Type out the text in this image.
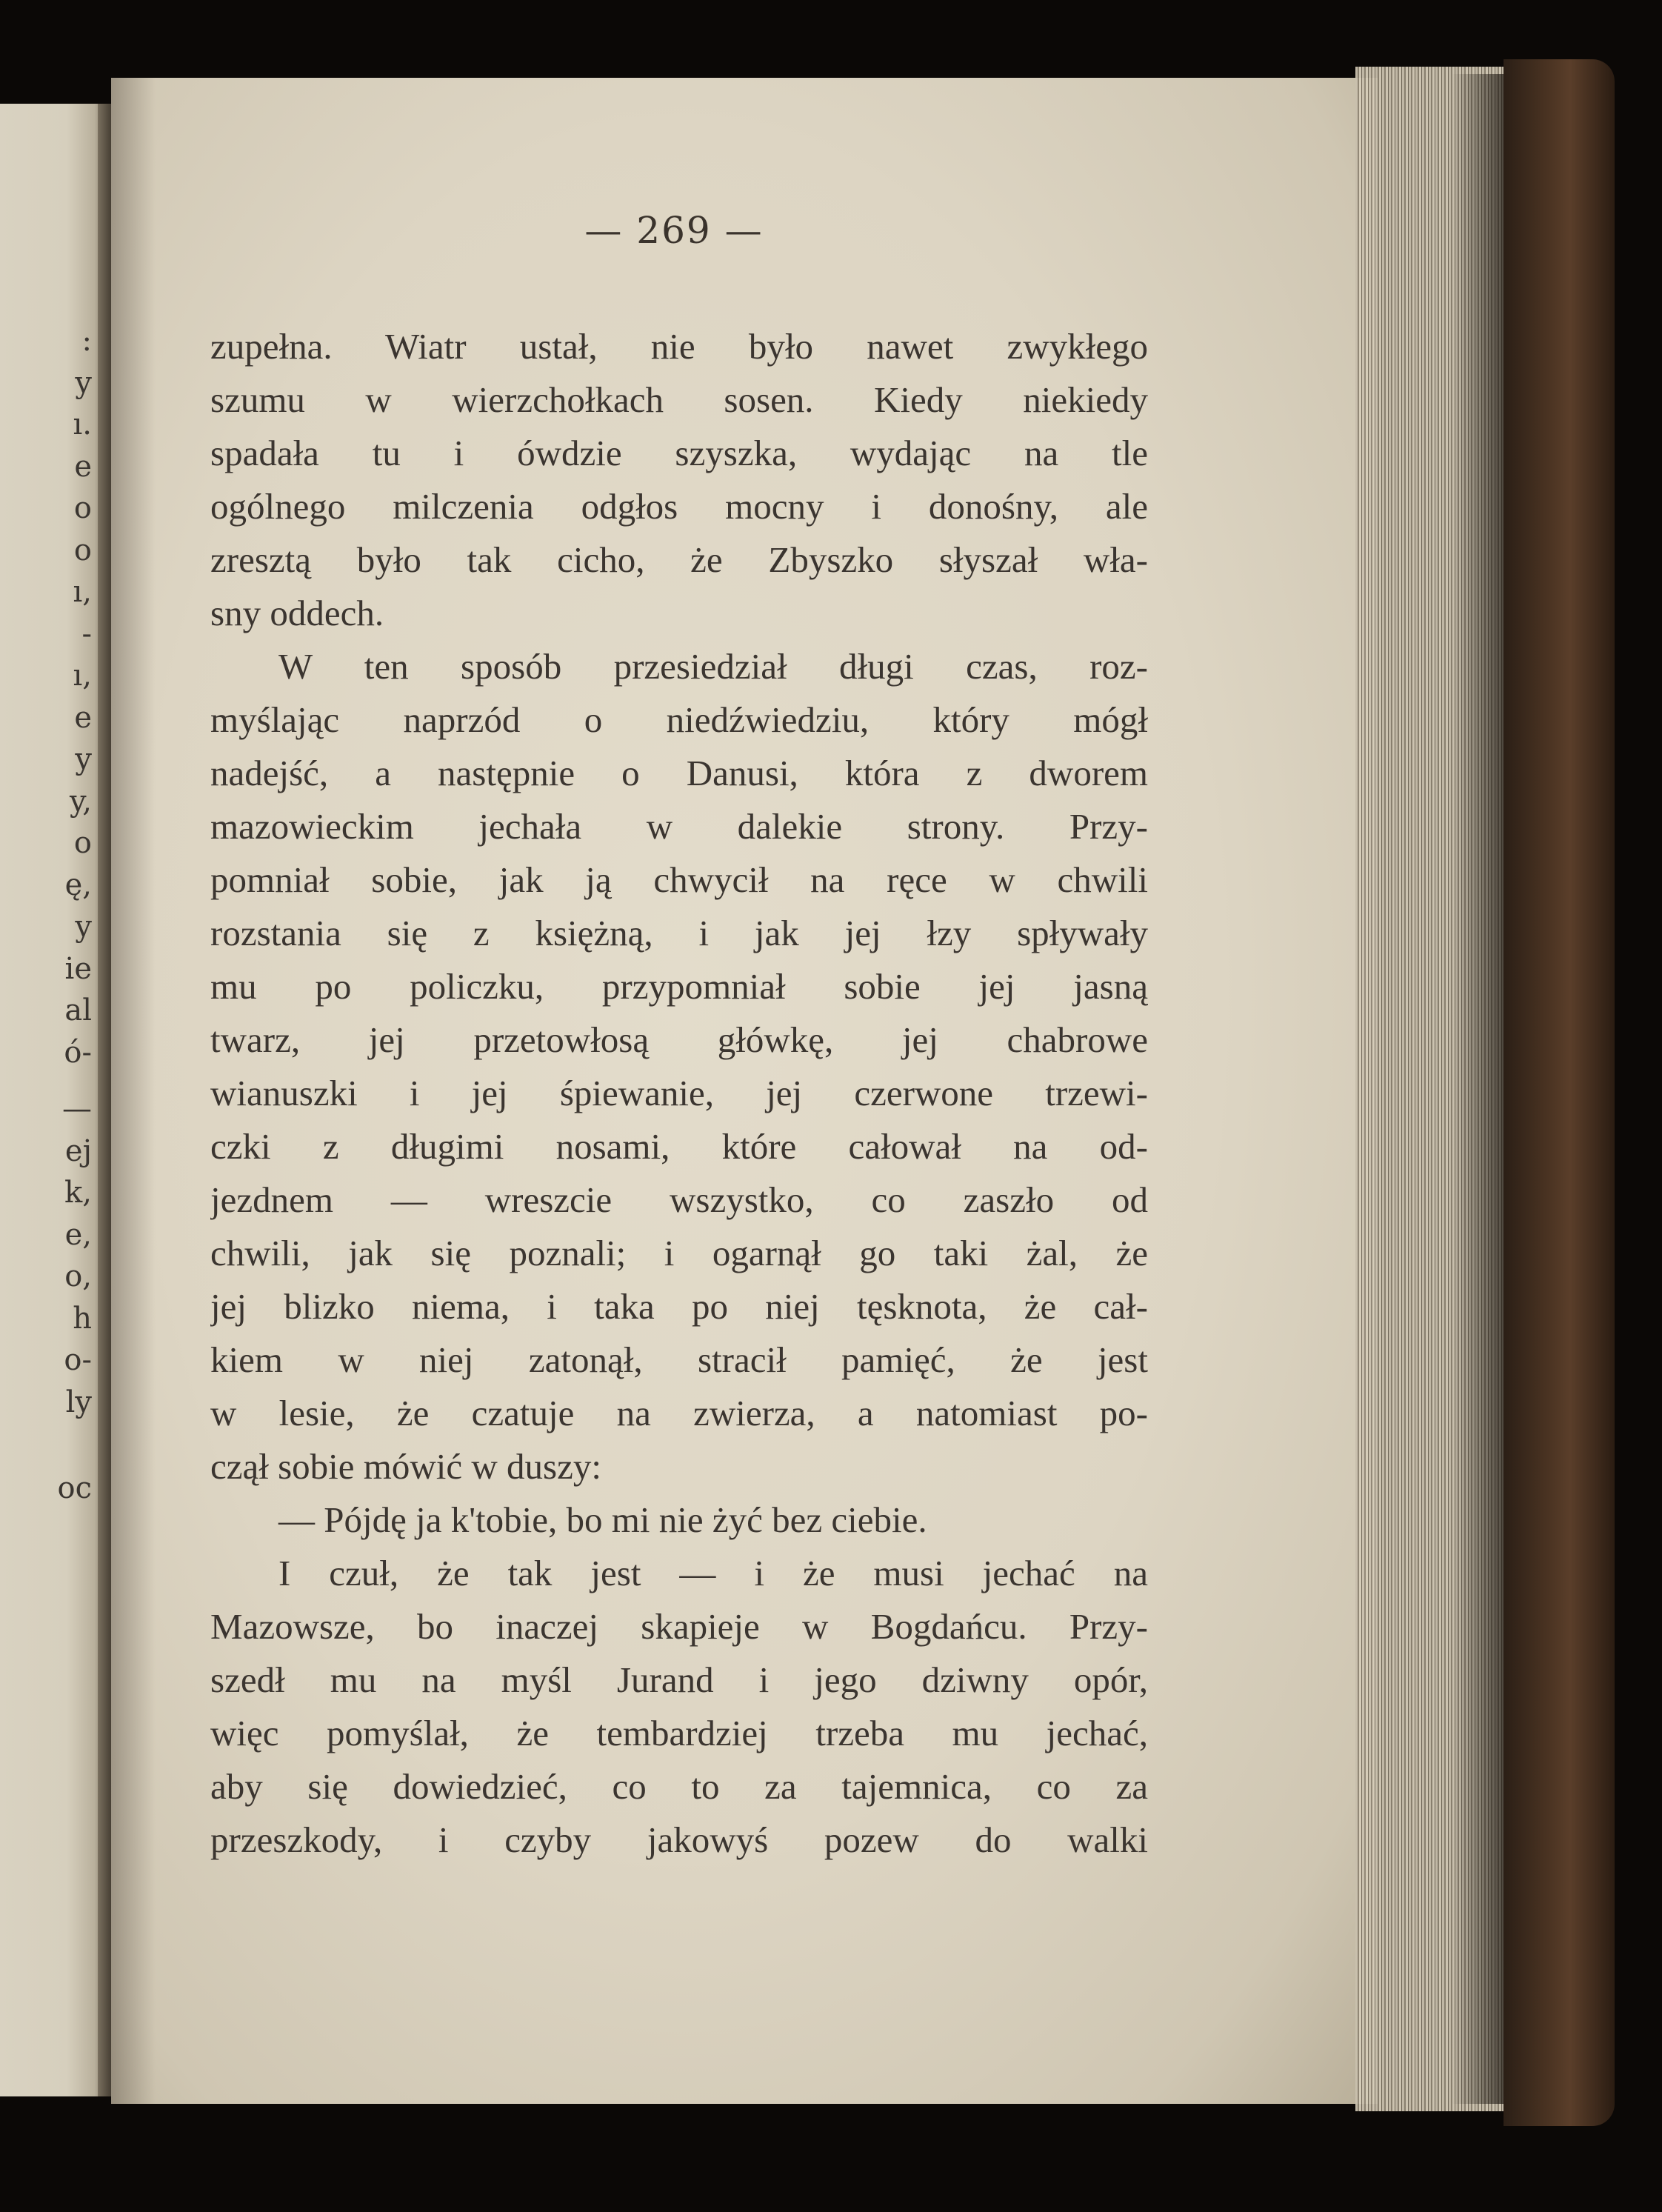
:
y
ı.
e
o
o
ı,
-
ı,
e
y
y,
o
ę,
y
ie
al
ó-
—
ej
k,
e,
o,
h
o-
ly
oc
— 269 —
zupełna. Wiatr ustał, nie było nawet zwykłego
szumu w wierzchołkach sosen. Kiedy niekiedy
spadała tu i ówdzie szyszka, wydając na tle
ogólnego milczenia odgłos mocny i donośny, ale
zresztą było tak cicho, że Zbyszko słyszał wła-
sny oddech.
W ten sposób przesiedział długi czas, roz-
myślając naprzód o niedźwiedziu, który mógł
nadejść, a następnie o Danusi, która z dworem
mazowieckim jechała w dalekie strony. Przy-
pomniał sobie, jak ją chwycił na ręce w chwili
rozstania się z księżną, i jak jej łzy spływały
mu po policzku, przypomniał sobie jej jasną
twarz, jej przetowłosą główkę, jej chabrowe
wianuszki i jej śpiewanie, jej czerwone trzewi-
czki z długimi nosami, które całował na od-
jezdnem — wreszcie wszystko, co zaszło od
chwili, jak się poznali; i ogarnął go taki żal, że
jej blizko niema, i taka po niej tęsknota, że cał-
kiem w niej zatonął, stracił pamięć, że jest
w lesie, że czatuje na zwierza, a natomiast po-
czął sobie mówić w duszy:
— Pójdę ja k'tobie, bo mi nie żyć bez ciebie.
I czuł, że tak jest — i że musi jechać na
Mazowsze, bo inaczej skapieje w Bogdańcu. Przy-
szedł mu na myśl Jurand i jego dziwny opór,
więc pomyślał, że tembardziej trzeba mu jechać,
aby się dowiedzieć, co to za tajemnica, co za
przeszkody, i czyby jakowyś pozew do walki
